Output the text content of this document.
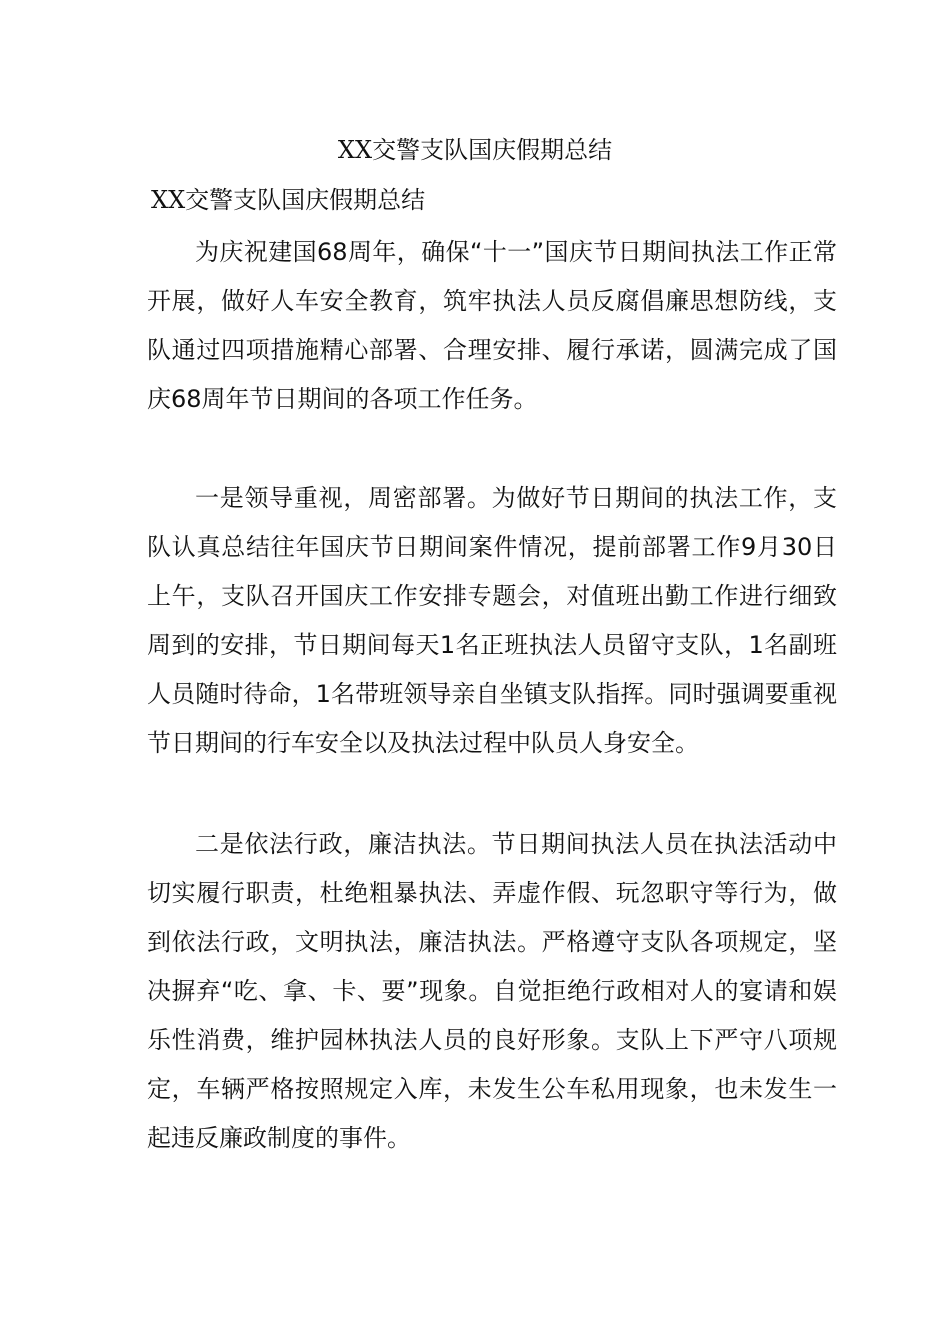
XX交警支队国庆假期总结
XX交警支队国庆假期总结

为庆祝建国68周年，确保“十一”国庆节日期间执法工作正常开展，做好人车安全教育，筑牢执法人员反腐倡廉思想防线，支队通过四项措施精心部署、合理安排、履行承诺，圆满完成了国庆68周年节日期间的各项工作任务。

一是领导重视，周密部署。为做好节日期间的执法工作，支队认真总结往年国庆节日期间案件情况，提前部署工作9月30日上午，支队召开国庆工作安排专题会，对值班出勤工作进行细致周到的安排，节日期间每天1名正班执法人员留守支队，1名副班人员随时待命，1名带班领导亲自坐镇支队指挥。同时强调要重视节日期间的行车安全以及执法过程中队员人身安全。

二是依法行政，廉洁执法。节日期间执法人员在执法活动中切实履行职责，杜绝粗暴执法、弄虚作假、玩忽职守等行为，做到依法行政，文明执法，廉洁执法。严格遵守支队各项规定，坚决摒弃“吃、拿、卡、要”现象。自觉拒绝行政相对人的宴请和娱乐性消费，维护园林执法人员的良好形象。支队上下严守八项规定，车辆严格按照规定入库，未发生公车私用现象，也未发生一起违反廉政制度的事件。
